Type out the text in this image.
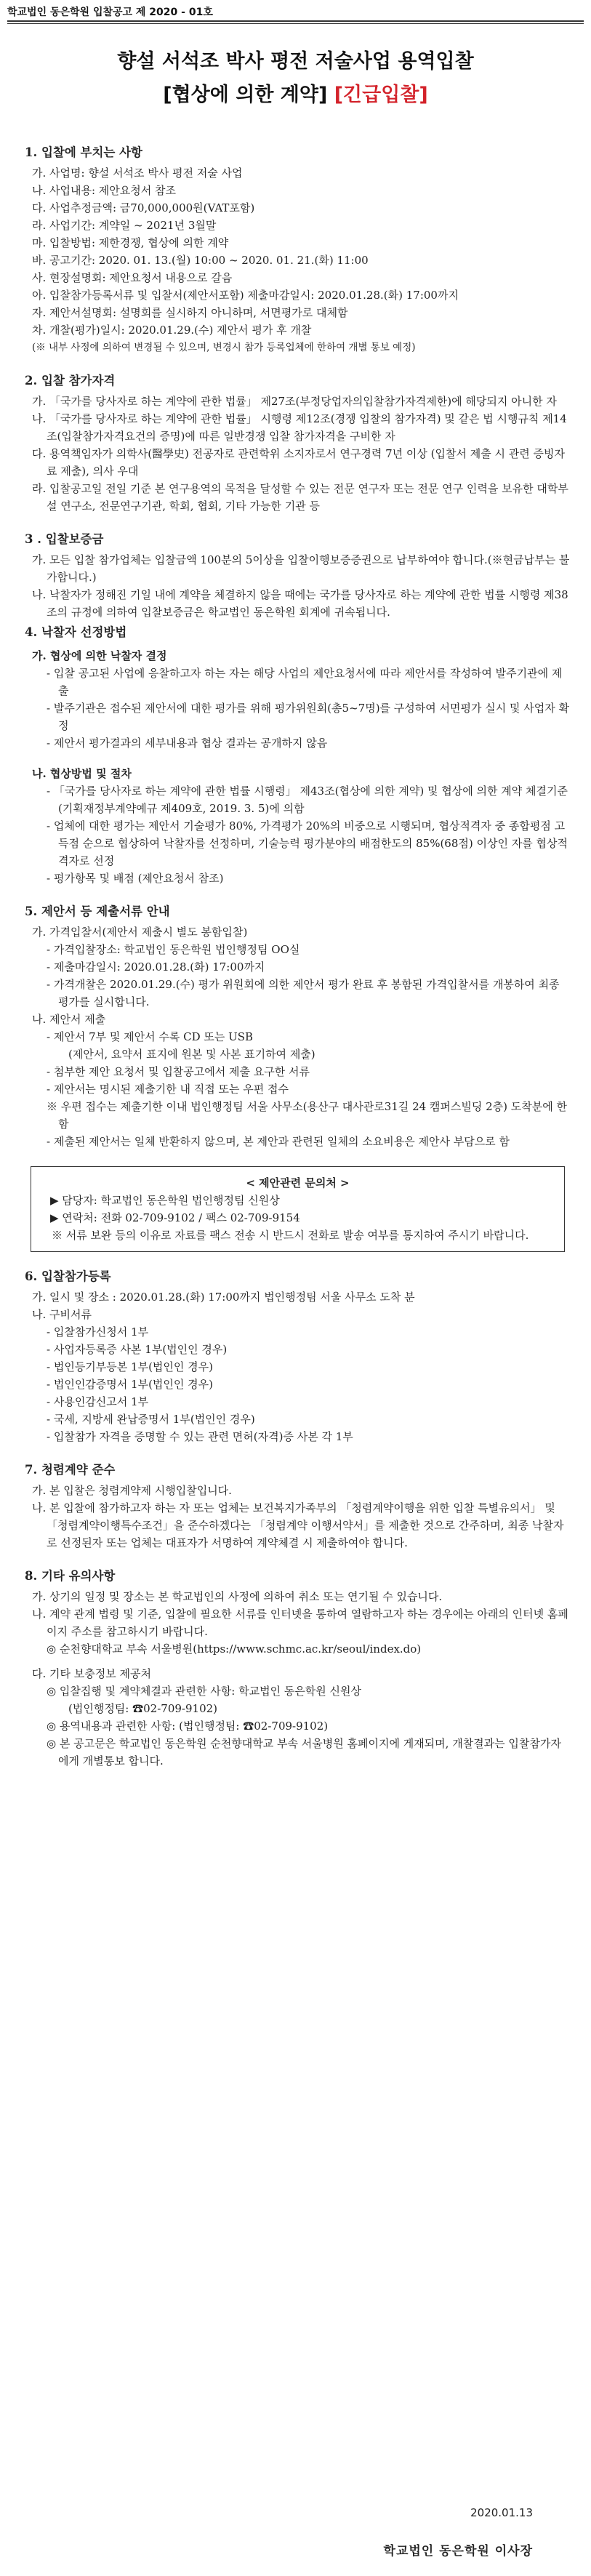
학교법인 동은학원 입찰공고 제 2020 - 01호
향설 서석조 박사 평전 저술사업 용역입찰
[협상에 의한 계약] [긴급입찰]
1. 입찰에 부치는 사항
가. 사업명: 향설 서석조 박사 평전 저술 사업
나. 사업내용: 제안요청서 참조
다. 사업추정금액: 금70,000,000원(VAT포함)
라. 사업기간: 계약일 ~ 2021년 3월말
마. 입찰방법: 제한경쟁, 협상에 의한 계약
바. 공고기간: 2020. 01. 13.(월) 10:00 ~ 2020. 01. 21.(화) 11:00
사. 현장설명회: 제안요청서 내용으로 갈음
아. 입찰참가등록서류 및 입찰서(제안서포함) 제출마감일시: 2020.01.28.(화) 17:00까지
자. 제안서설명회: 설명회를 실시하지 아니하며, 서면평가로 대체함
차. 개찰(평가)일시: 2020.01.29.(수) 제안서 평가 후 개찰
(※ 내부 사정에 의하여 변경될 수 있으며, 변경시 참가 등록업체에 한하여 개별 통보 예정)
2. 입찰 참가자격
가. 「국가를 당사자로 하는 계약에 관한 법률」 제27조(부정당업자의입찰참가자격제한)에 해당되지 아니한 자
나. 「국가를 당사자로 하는 계약에 관한 법률」 시행령 제12조(경쟁 입찰의 참가자격) 및 같은 법 시행규칙 제14조(입찰참가자격요건의 증명)에 따른 일반경쟁 입찰 참가자격을 구비한 자
다. 용역책임자가 의학사(醫學史) 전공자로 관련학위 소지자로서 연구경력 7년 이상 (입찰서 제출 시 관련 증빙자료 제출), 의사 우대
라. 입찰공고일 전일 기준 본 연구용역의 목적을 달성할 수 있는 전문 연구자 또는 전문 연구 인력을 보유한 대학부설 연구소, 전문연구기관, 학회, 협회, 기타 가능한 기관 등
3 . 입찰보증금
가. 모든 입찰 참가업체는 입찰금액 100분의 5이상을 입찰이행보증증권으로 납부하여야 합니다.(※현금납부는 불가합니다.)
나. 낙찰자가 정해진 기일 내에 계약을 체결하지 않을 때에는 국가를 당사자로 하는 계약에 관한 법률 시행령 제38조의 규정에 의하여 입찰보증금은 학교법인 동은학원 회계에 귀속됩니다.
4. 낙찰자 선정방법
가. 협상에 의한 낙찰자 결정
- 입찰 공고된 사업에 응찰하고자 하는 자는 해당 사업의 제안요청서에 따라 제안서를 작성하여 발주기관에 제출
- 발주기관은 접수된 제안서에 대한 평가를 위해 평가위원회(총5~7명)를 구성하여 서면평가 실시 및 사업자 확정
- 제안서 평가결과의 세부내용과 협상 결과는 공개하지 않음
나. 협상방법 및 절차
- 「국가를 당사자로 하는 계약에 관한 법률 시행령」 제43조(협상에 의한 계약) 및 협상에 의한 계약 체결기준(기획재정부계약예규 제409호, 2019. 3. 5)에 의함
- 업체에 대한 평가는 제안서 기술평가 80%, 가격평가 20%의 비중으로 시행되며, 협상적격자 중 종합평점 고득점 순으로 협상하여 낙찰자를 선정하며, 기술능력 평가분야의 배점한도의 85%(68점) 이상인 자를 협상적격자로 선정
- 평가항목 및 배점 (제안요청서 참조)
5. 제안서 등 제출서류 안내
가. 가격입찰서(제안서 제출시 별도 봉함입찰)
- 가격입찰장소: 학교법인 동은학원 법인행정팀 OO실
- 제출마감일시: 2020.01.28.(화) 17:00까지
- 가격개찰은 2020.01.29.(수) 평가 위원회에 의한 제안서 평가 완료 후 봉함된 가격입찰서를 개봉하여 최종 평가를 실시합니다.
나. 제안서 제출
- 제안서 7부 및 제안서 수록 CD 또는 USB
(제안서, 요약서 표지에 원본 및 사본 표기하여 제출)
- 첨부한 제안 요청서 및 입찰공고에서 제출 요구한 서류
- 제안서는 명시된 제출기한 내 직접 또는 우편 접수
※ 우편 접수는 제출기한 이내 법인행정팀 서울 사무소(용산구 대사관로31길 24 캠퍼스빌딩 2층) 도착분에 한함
- 제출된 제안서는 일체 반환하지 않으며, 본 제안과 관련된 일체의 소요비용은 제안사 부담으로 함
< 제안관련 문의처 >
▶ 담당자: 학교법인 동은학원 법인행정팀 신원상
▶ 연락처: 전화 02-709-9102 / 팩스 02-709-9154
※ 서류 보완 등의 이유로 자료를 팩스 전송 시 반드시 전화로 발송 여부를 통지하여 주시기 바랍니다.
6. 입찰참가등록
가. 일시 및 장소 : 2020.01.28.(화) 17:00까지 법인행정팀 서울 사무소 도착 분
나. 구비서류
- 입찰참가신청서 1부
- 사업자등록증 사본 1부(법인인 경우)
- 법인등기부등본 1부(법인인 경우)
- 법인인감증명서 1부(법인인 경우)
- 사용인감신고서 1부
- 국세, 지방세 완납증명서 1부(법인인 경우)
- 입찰참가 자격을 증명할 수 있는 관련 면허(자격)증 사본 각 1부
7. 청렴계약 준수
가. 본 입찰은 청렴계약제 시행입찰입니다.
나. 본 입찰에 참가하고자 하는 자 또는 업체는 보건복지가족부의 「청렴계약이행을 위한 입찰 특별유의서」 및 「청렴계약이행특수조건」을 준수하겠다는 「청렴계약 이행서약서」를 제출한 것으로 간주하며, 최종 낙찰자로 선정된자 또는 업체는 대표자가 서명하여 계약체결 시 제출하여야 합니다.
8. 기타 유의사항
가. 상기의 일정 및 장소는 본 학교법인의 사정에 의하여 취소 또는 연기될 수 있습니다.
나. 계약 관계 법령 및 기준, 입찰에 필요한 서류를 인터넷을 통하여 열람하고자 하는 경우에는 아래의 인터넷 홈페이지 주소를 참고하시기 바랍니다.
◎ 순천향대학교 부속 서울병원(https://www.schmc.ac.kr/seoul/index.do)
다. 기타 보충정보 제공처
◎ 입찰집행 및 계약체결과 관련한 사항: 학교법인 동은학원 신원상
(법인행정팀: ☎02-709-9102)
◎ 용역내용과 관련한 사항: (법인행정팀: ☎02-709-9102)
◎ 본 공고문은 학교법인 동은학원 순천향대학교 부속 서울병원 홈페이지에 게재되며, 개찰결과는 입찰참가자에게 개별통보 합니다.
2020.01.13
학교법인 동은학원 이사장
